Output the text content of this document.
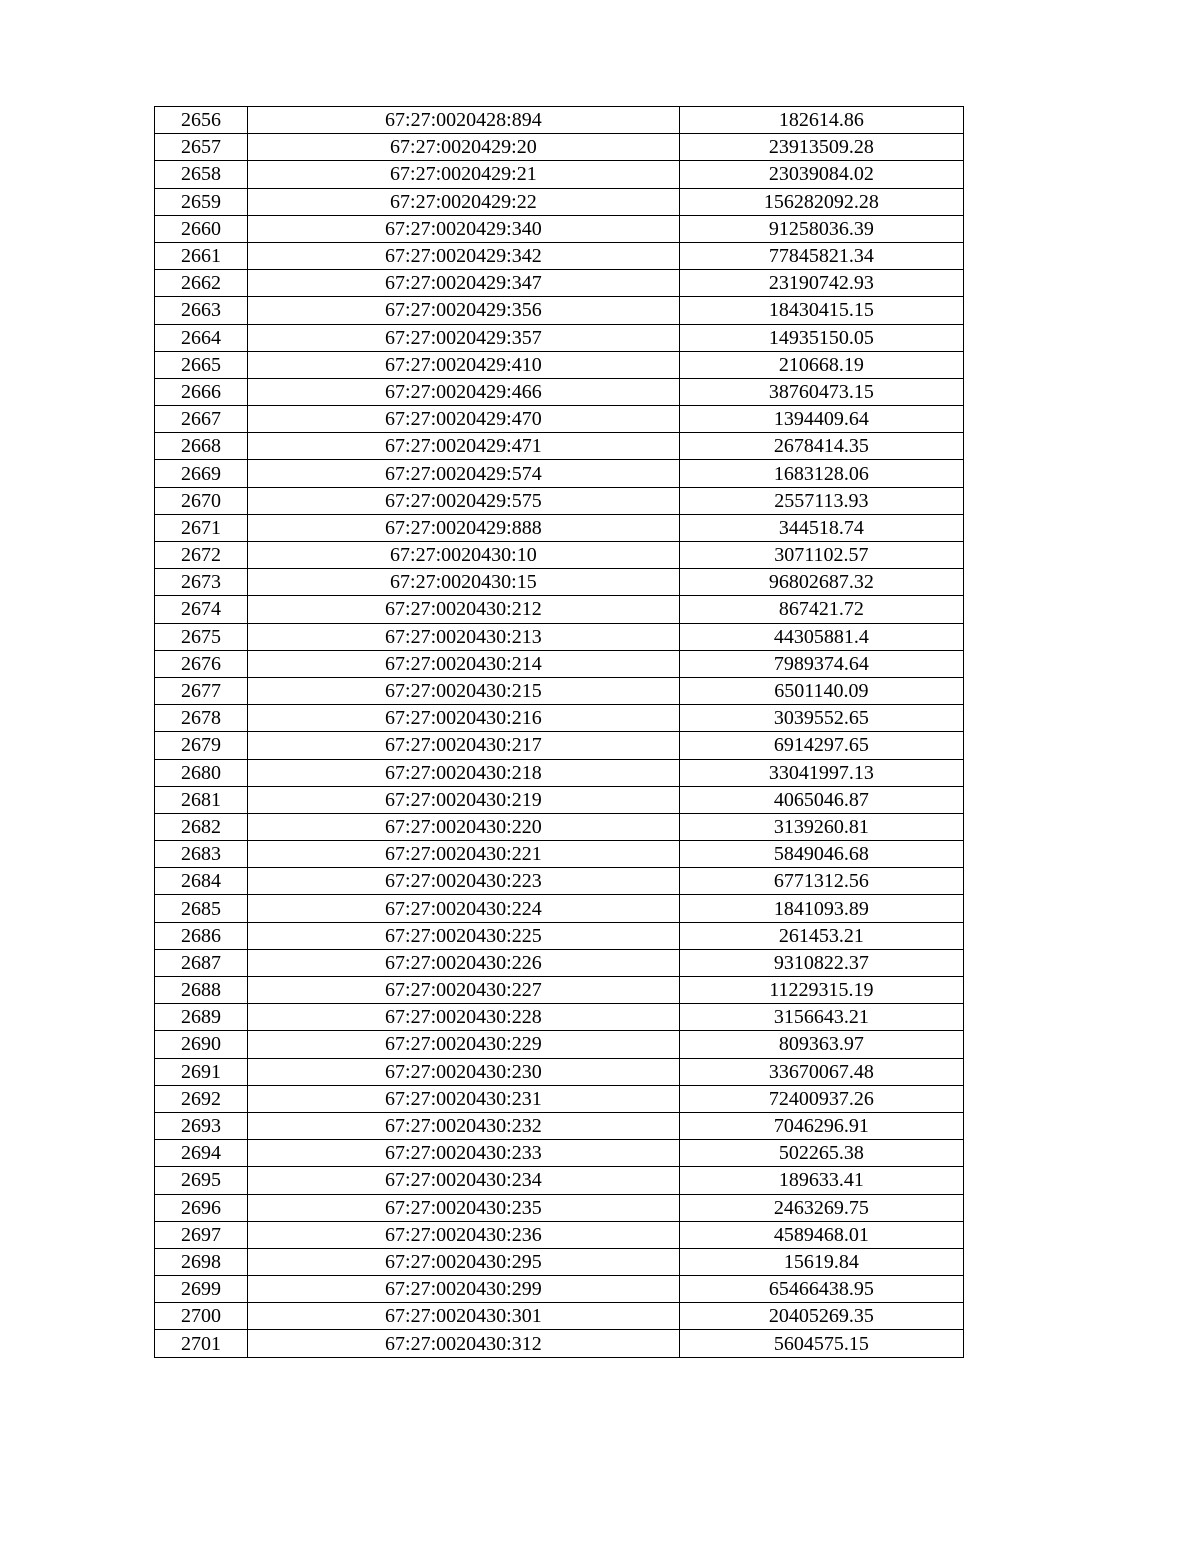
2656	67:27:0020428:894	182614.86
2657	67:27:0020429:20	23913509.28
2658	67:27:0020429:21	23039084.02
2659	67:27:0020429:22	156282092.28
2660	67:27:0020429:340	91258036.39
2661	67:27:0020429:342	77845821.34
2662	67:27:0020429:347	23190742.93
2663	67:27:0020429:356	18430415.15
2664	67:27:0020429:357	14935150.05
2665	67:27:0020429:410	210668.19
2666	67:27:0020429:466	38760473.15
2667	67:27:0020429:470	1394409.64
2668	67:27:0020429:471	2678414.35
2669	67:27:0020429:574	1683128.06
2670	67:27:0020429:575	2557113.93
2671	67:27:0020429:888	344518.74
2672	67:27:0020430:10	3071102.57
2673	67:27:0020430:15	96802687.32
2674	67:27:0020430:212	867421.72
2675	67:27:0020430:213	44305881.4
2676	67:27:0020430:214	7989374.64
2677	67:27:0020430:215	6501140.09
2678	67:27:0020430:216	3039552.65
2679	67:27:0020430:217	6914297.65
2680	67:27:0020430:218	33041997.13
2681	67:27:0020430:219	4065046.87
2682	67:27:0020430:220	3139260.81
2683	67:27:0020430:221	5849046.68
2684	67:27:0020430:223	6771312.56
2685	67:27:0020430:224	1841093.89
2686	67:27:0020430:225	261453.21
2687	67:27:0020430:226	9310822.37
2688	67:27:0020430:227	11229315.19
2689	67:27:0020430:228	3156643.21
2690	67:27:0020430:229	809363.97
2691	67:27:0020430:230	33670067.48
2692	67:27:0020430:231	72400937.26
2693	67:27:0020430:232	7046296.91
2694	67:27:0020430:233	502265.38
2695	67:27:0020430:234	189633.41
2696	67:27:0020430:235	2463269.75
2697	67:27:0020430:236	4589468.01
2698	67:27:0020430:295	15619.84
2699	67:27:0020430:299	65466438.95
2700	67:27:0020430:301	20405269.35
2701	67:27:0020430:312	5604575.15
